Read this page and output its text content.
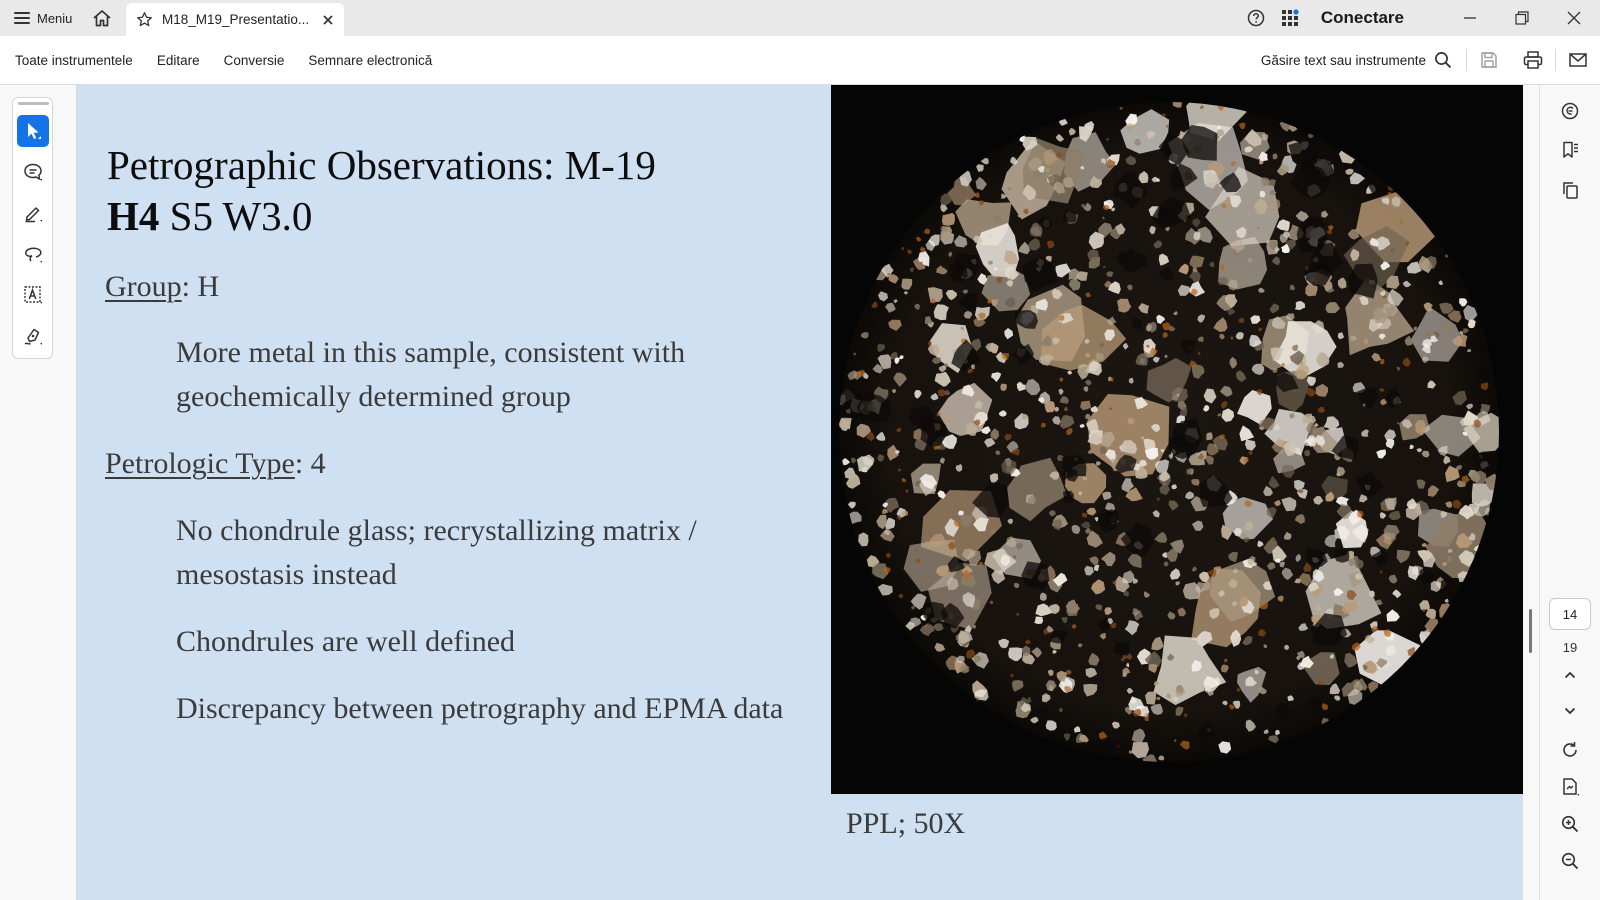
Meniu	M18_M19_Presentatio...	Conectare
Toate instrumentele	Editare	Conversie	Semnare electronică	Găsire text sau instrumente
Petrographic Observations: M-19
H4 S5 W3.0
Group: H
More metal in this sample, consistent with geochemically determined group
Petrologic Type: 4
No chondrule glass; recrystallizing matrix / mesostasis instead
Chondrules are well defined
Discrepancy between petrography and EPMA data
PPL; 50X
14
19
